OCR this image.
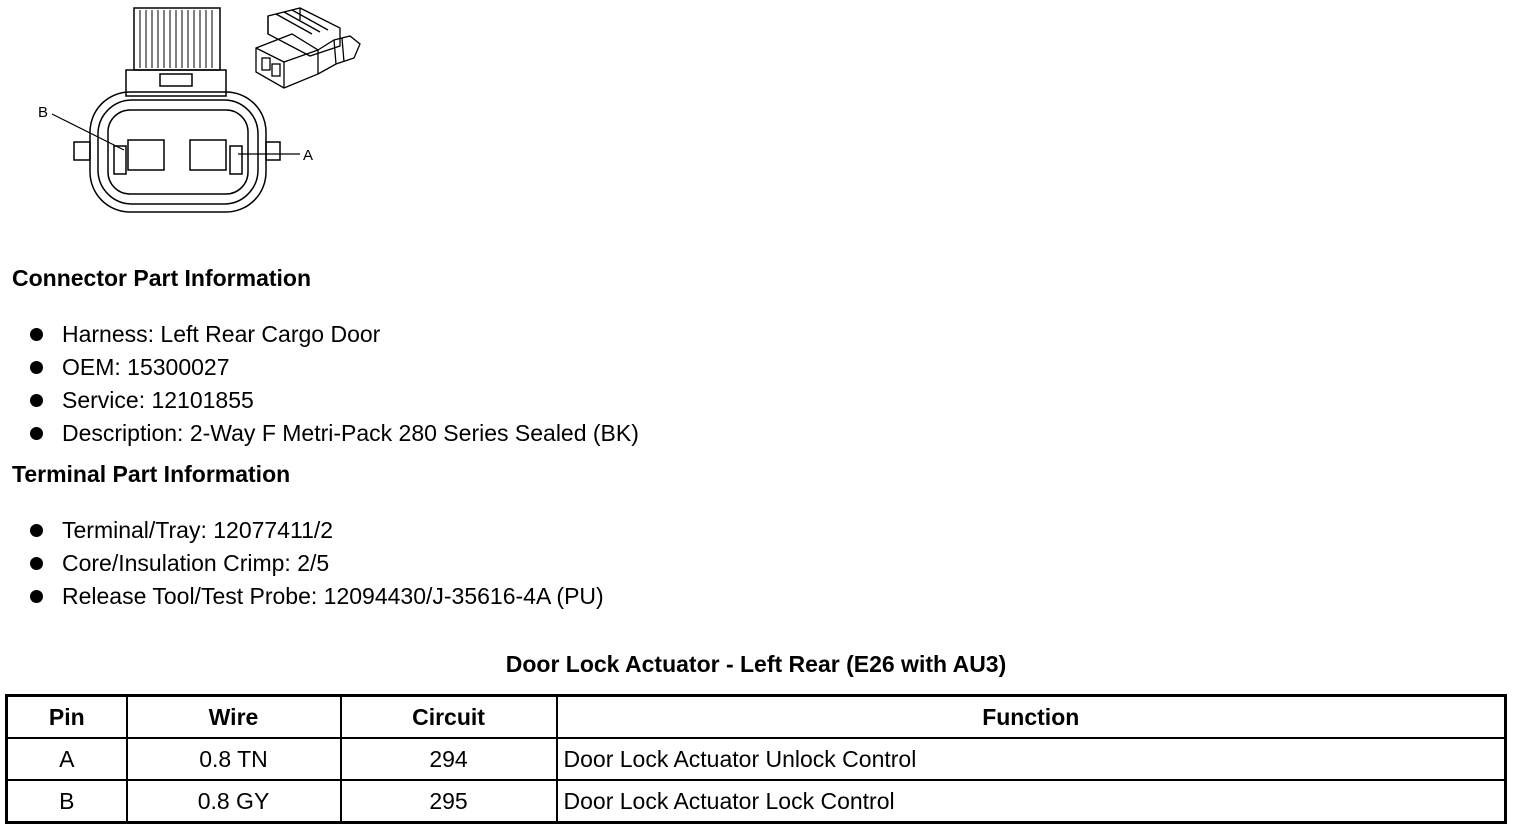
B
A
Connector Part Information
Harness: Left Rear Cargo Door
OEM: 15300027
Service: 12101855
Description: 2-Way F Metri-Pack 280 Series Sealed (BK)
Terminal Part Information
Terminal/Tray: 12077411/2
Core/Insulation Crimp: 2/5
Release Tool/Test Probe: 12094430/J-35616-4A (PU)
Door Lock Actuator - Left Rear (E26 with AU3)
Pin	Wire	Circuit	Function
A	0.8 TN	294	Door Lock Actuator Unlock Control
B	0.8 GY	295	Door Lock Actuator Lock Control
